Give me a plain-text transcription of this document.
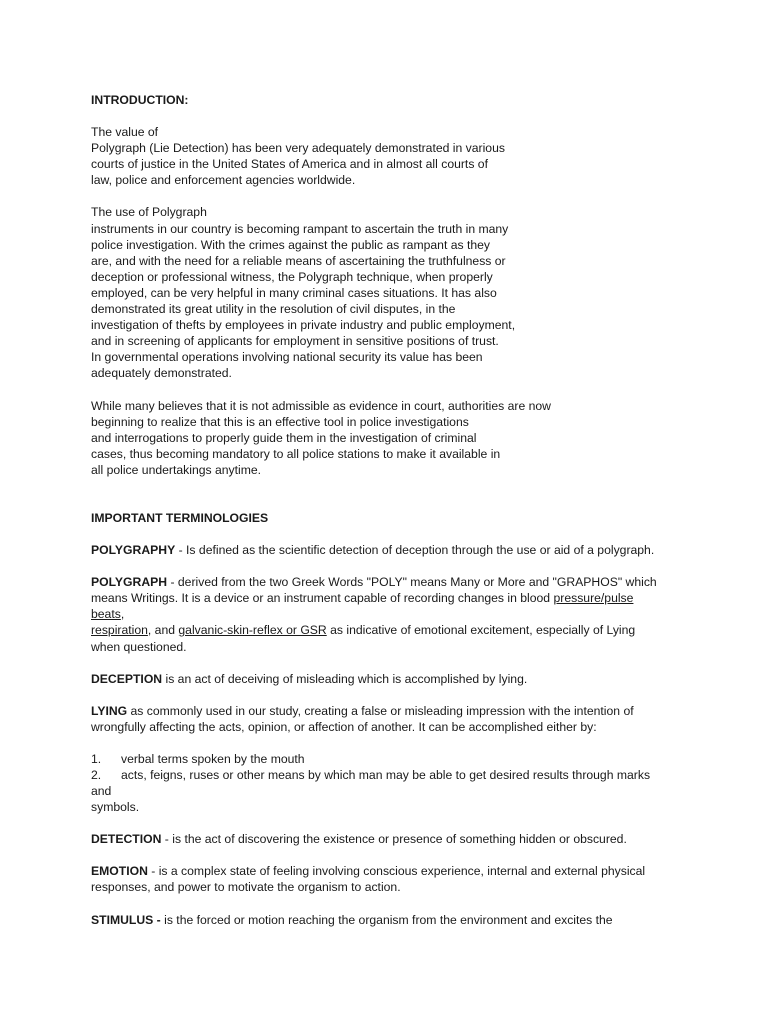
INTRODUCTION:
The value of
Polygraph (Lie Detection) has been very adequately demonstrated in various
courts of justice in the United States of America and in almost all courts of
law, police and enforcement agencies worldwide.
The use of Polygraph
instruments in our country is becoming rampant to ascertain the truth in many
police investigation. With the crimes against the public as rampant as they
are, and with the need for a reliable means of ascertaining the truthfulness or
deception or professional witness, the Polygraph technique, when properly
employed, can be very helpful in many criminal cases situations. It has also
demonstrated its great utility in the resolution of civil disputes, in the
investigation of thefts by employees in private industry and public employment,
and in screening of applicants for employment in sensitive positions of trust.
In governmental operations involving national security its value has been
adequately demonstrated.
While many believes that it is not admissible as evidence in court, authorities are now
beginning to realize that this is an effective tool in police investigations
and interrogations to properly guide them in the investigation of criminal
cases, thus becoming mandatory to all police stations to make it available in
all police undertakings anytime.
IMPORTANT TERMINOLOGIES
POLYGRAPHY - Is defined as the scientific detection of deception through the use or aid of a polygraph.
POLYGRAPH - derived from the two Greek Words "POLY" means Many or More and "GRAPHOS" which
means Writings. It is a device or an instrument capable of recording changes in blood pressure/pulse
beats,
respiration, and galvanic-skin-reflex or GSR as indicative of emotional excitement, especially of Lying
when questioned.
DECEPTION is an act of deceiving of misleading which is accomplished by lying.
LYING as commonly used in our study, creating a false or misleading impression with the intention of
wrongfully affecting the acts, opinion, or affection of another. It can be accomplished either by:
1. verbal terms spoken by the mouth
2. acts, feigns, ruses or other means by which man may be able to get desired results through marks
and
symbols.
DETECTION - is the act of discovering the existence or presence of something hidden or obscured.
EMOTION - is a complex state of feeling involving conscious experience, internal and external physical
responses, and power to motivate the organism to action.
STIMULUS - is the forced or motion reaching the organism from the environment and excites the
